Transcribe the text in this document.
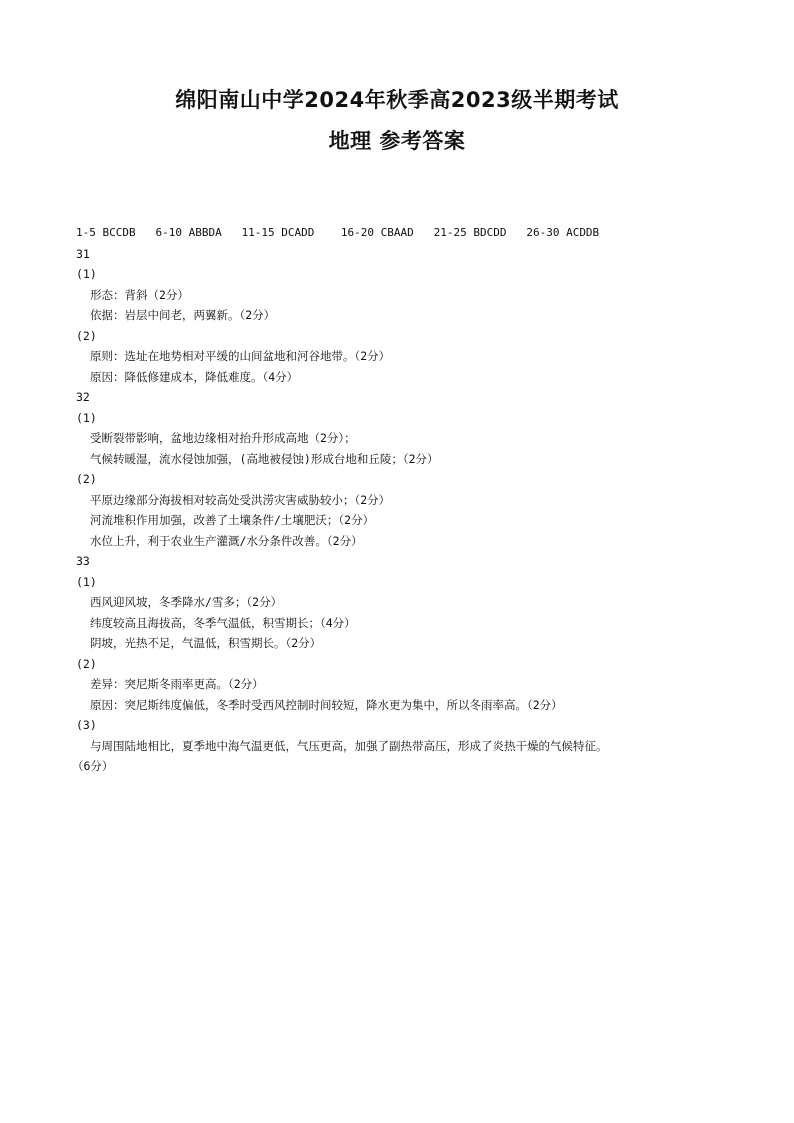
绵阳南山中学2024年秋季高2023级半期考试
地理 参考答案
1-5 BCCDB   6-10 ABBDA   11-15 DCADD    16-20 CBAAD   21-25 BDCDD   26-30 ACDDB
31
(1)
形态：背斜（2分）
依据：岩层中间老，两翼新。（2分）
(2)
原则：选址在地势相对平缓的山间盆地和河谷地带。（2分）
原因：降低修建成本，降低难度。（4分）
32
(1)
受断裂带影响，盆地边缘相对抬升形成高地（2分）；
气候转暖湿，流水侵蚀加强，(高地被侵蚀)形成台地和丘陵；（2分）
(2)
平原边缘部分海拔相对较高处受洪涝灾害威胁较小；（2分）
河流堆积作用加强，改善了土壤条件/土壤肥沃；（2分）
水位上升，利于农业生产灌溉/水分条件改善。（2分）
33
(1)
西风迎风坡，冬季降水/雪多；（2分）
纬度较高且海拔高，冬季气温低，积雪期长；（4分）
阴坡，光热不足，气温低，积雪期长。（2分）
(2)
差异：突尼斯冬雨率更高。（2分）
原因：突尼斯纬度偏低，冬季时受西风控制时间较短，降水更为集中，所以冬雨率高。（2分）
(3)
与周围陆地相比，夏季地中海气温更低，气压更高，加强了副热带高压，形成了炎热干燥的气候特征。
（6分）
